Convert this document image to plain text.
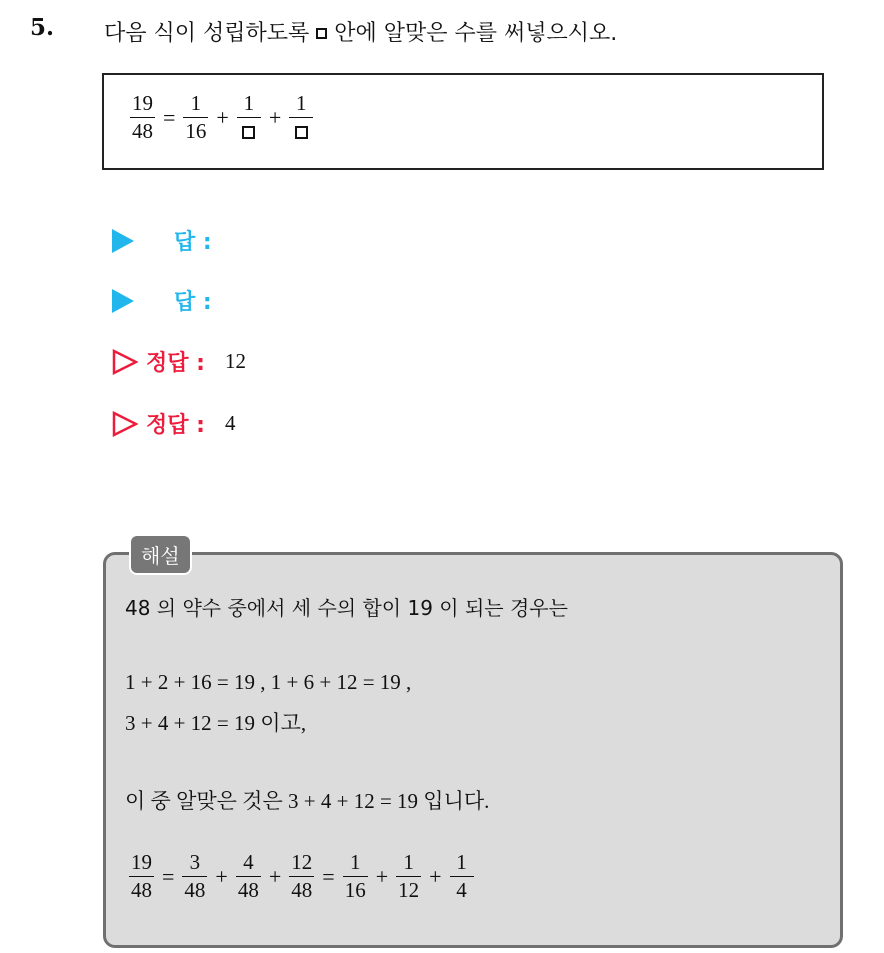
5. 다음 식이 성립하도록  안에 알맞은 수를 써넣으시오.
$\frac{19}{48} = \frac{1}{16}$ +
1
+
1
답 :
답 :
정답 : 12
정답 : 4
해설
48 의 약수 중에서 세 수의 합이 19 이 되는 경우는
1 + 2 + 16 = 19 , 1 + 6 + 12 = 19 ,
3 + 4 + 12 = 19 이고,
이 중 알맞은 것은 3 + 4 + 12 = 19 입니다.
$\frac{19}{48} = \frac{3}{48} + \frac{4}{48} + \frac{12}{48} = \frac{1}{16} + \frac{1}{12} + \frac{1}{4}$
